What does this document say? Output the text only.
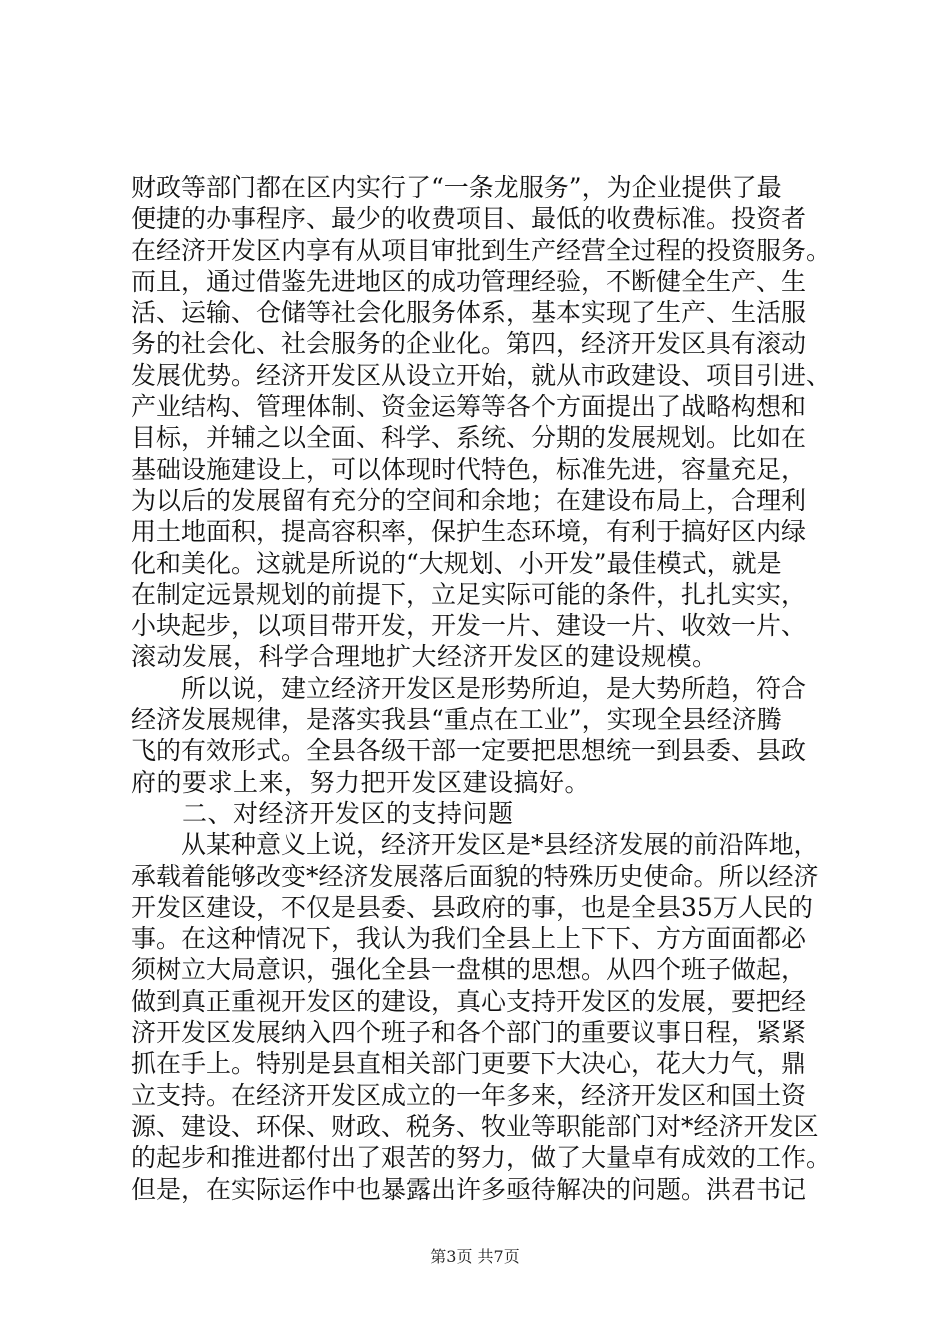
财政等部门都在区内实行了“一条龙服务”，为企业提供了最
便捷的办事程序、最少的收费项目、最低的收费标准。投资者
在经济开发区内享有从项目审批到生产经营全过程的投资服务。
而且，通过借鉴先进地区的成功管理经验，不断健全生产、生
活、运输、仓储等社会化服务体系，基本实现了生产、生活服
务的社会化、社会服务的企业化。第四，经济开发区具有滚动
发展优势。经济开发区从设立开始，就从市政建设、项目引进、
产业结构、管理体制、资金运筹等各个方面提出了战略构想和
目标，并辅之以全面、科学、系统、分期的发展规划。比如在
基础设施建设上，可以体现时代特色，标准先进，容量充足，
为以后的发展留有充分的空间和余地；在建设布局上，合理利
用土地面积，提高容积率，保护生态环境，有利于搞好区内绿
化和美化。这就是所说的“大规划、小开发”最佳模式，就是
在制定远景规划的前提下，立足实际可能的条件，扎扎实实，
小块起步，以项目带开发，开发一片、建设一片、收效一片、
滚动发展，科学合理地扩大经济开发区的建设规模。
　　所以说，建立经济开发区是形势所迫，是大势所趋，符合
经济发展规律，是落实我县“重点在工业”，实现全县经济腾
飞的有效形式。全县各级干部一定要把思想统一到县委、县政
府的要求上来，努力把开发区建设搞好。
　　二、对经济开发区的支持问题
　　从某种意义上说，经济开发区是*县经济发展的前沿阵地，
承载着能够改变*经济发展落后面貌的特殊历史使命。所以经济
开发区建设，不仅是县委、县政府的事，也是全县35万人民的
事。在这种情况下，我认为我们全县上上下下、方方面面都必
须树立大局意识，强化全县一盘棋的思想。从四个班子做起，
做到真正重视开发区的建设，真心支持开发区的发展，要把经
济开发区发展纳入四个班子和各个部门的重要议事日程，紧紧
抓在手上。特别是县直相关部门更要下大决心，花大力气，鼎
立支持。在经济开发区成立的一年多来，经济开发区和国土资
源、建设、环保、财政、税务、牧业等职能部门对*经济开发区
的起步和推进都付出了艰苦的努力，做了大量卓有成效的工作。
但是，在实际运作中也暴露出许多亟待解决的问题。洪君书记
第3页 共7页
